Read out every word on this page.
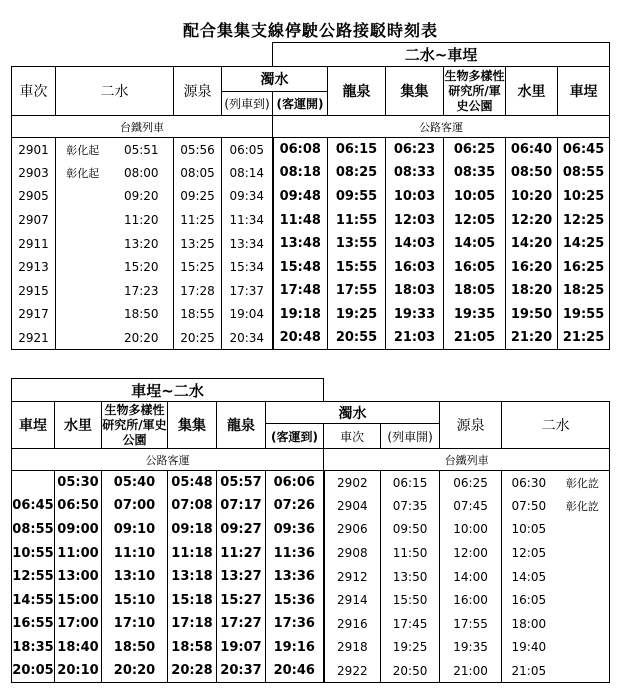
配合集集支線停駛公路接駁時刻表
					二水~車埕					
車次	二水		源泉	濁水		龍泉	集集	生物多樣性研究所/軍史公園	水里	車埕
				(列車到)	(客運開)					
台鐵列車					公路客運					
2901	彰化起	05:51	05:56	06:05	06:08	06:15	06:23	06:25	06:40	06:45
2903	彰化起	08:00	08:05	08:14	08:18	08:25	08:33	08:35	08:50	08:55
2905		09:20	09:25	09:34	09:48	09:55	10:03	10:05	10:20	10:25
2907		11:20	11:25	11:34	11:48	11:55	12:03	12:05	12:20	12:25
2911		13:20	13:25	13:34	13:48	13:55	14:03	14:05	14:20	14:25
2913		15:20	15:25	15:34	15:48	15:55	16:03	16:05	16:20	16:25
2915		17:23	17:28	17:37	17:48	17:55	18:03	18:05	18:20	18:25
2917		18:50	18:55	19:04	19:18	19:25	19:33	19:35	19:50	19:55
2921		20:20	20:25	20:34	20:48	20:55	21:03	21:05	21:20	21:25
車埕~二水										
車埕	水里	生物多樣性研究所/軍史公園	集集	龍泉	濁水			源泉	二水	
					(客運到)	車次	(列車開)			
公路客運						台鐵列車				
	05:30	05:40	05:48	05:57	06:06	2902	06:15	06:25	06:30	彰化訖
06:45	06:50	07:00	07:08	07:17	07:26	2904	07:35	07:45	07:50	彰化訖
08:55	09:00	09:10	09:18	09:27	09:36	2906	09:50	10:00	10:05	
10:55	11:00	11:10	11:18	11:27	11:36	2908	11:50	12:00	12:05	
12:55	13:00	13:10	13:18	13:27	13:36	2912	13:50	14:00	14:05	
14:55	15:00	15:10	15:18	15:27	15:36	2914	15:50	16:00	16:05	
16:55	17:00	17:10	17:18	17:27	17:36	2916	17:45	17:55	18:00	
18:35	18:40	18:50	18:58	19:07	19:16	2918	19:25	19:35	19:40	
20:05	20:10	20:20	20:28	20:37	20:46	2922	20:50	21:00	21:05	
